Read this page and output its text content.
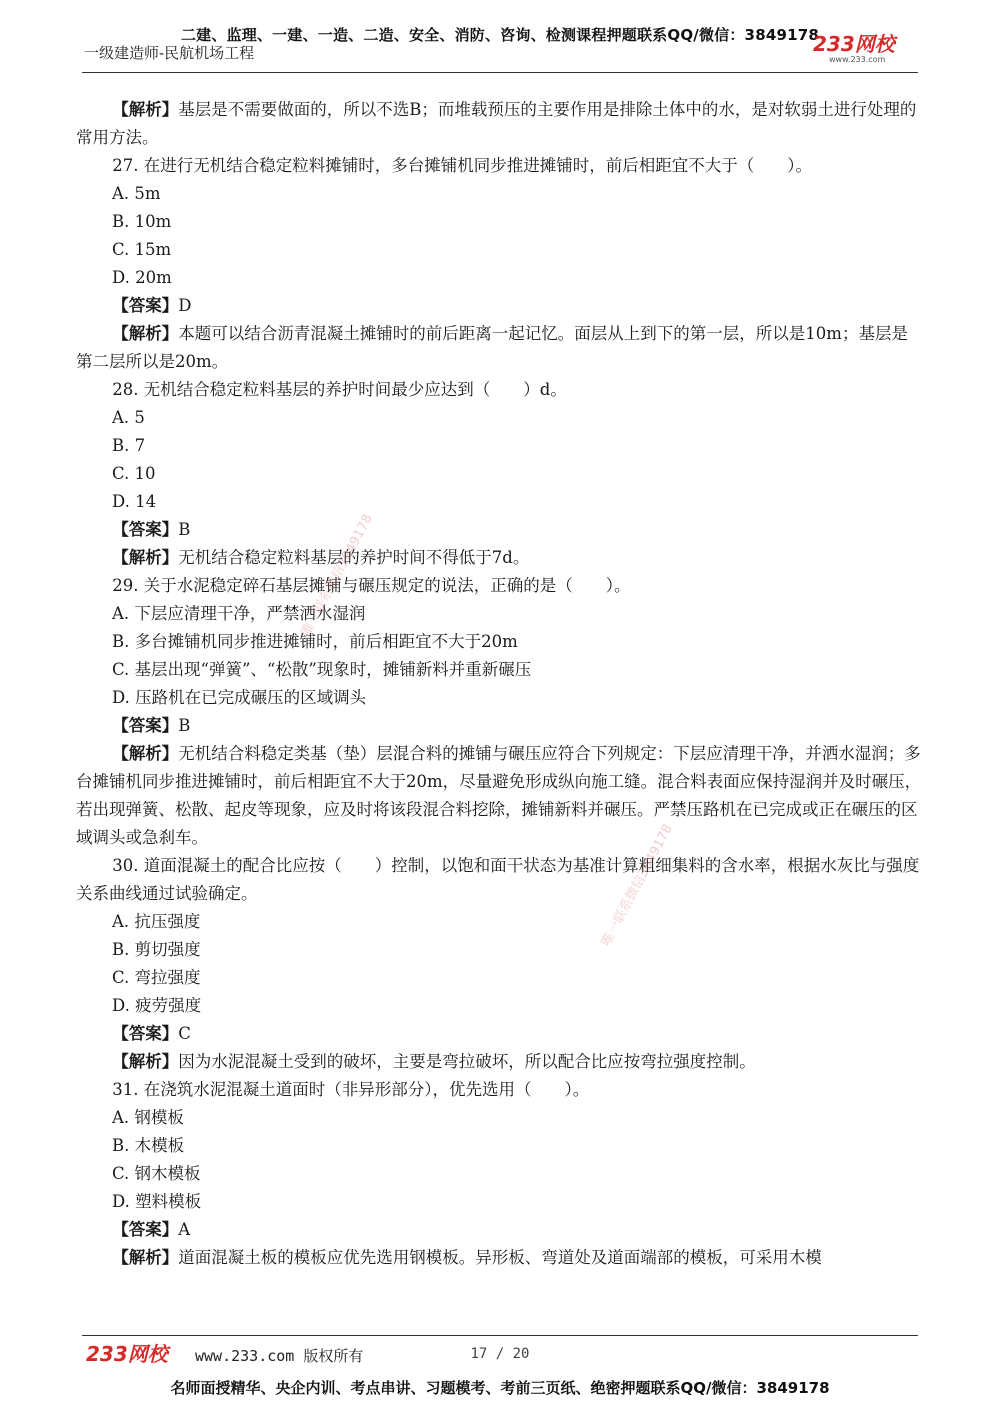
二建、监理、一建、一造、二造、安全、消防、咨询、检测课程押题联系QQ/微信：3849178
一级建造师-民航机场工程	233网校
www.233.com

【解析】基层是不需要做面的，所以不选B；而堆载预压的主要作用是排除土体中的水，是对软弱土进行处理的常用方法。

27. 在进行无机结合稳定粒料摊铺时，多台摊铺机同步推进摊铺时，前后相距宜不大于（　　）。

A. 5m

B. 10m

C. 15m

D. 20m

【答案】D

【解析】本题可以结合沥青混凝土摊铺时的前后距离一起记忆。面层从上到下的第一层，所以是10m；基层是第二层所以是20m。

28. 无机结合稳定粒料基层的养护时间最少应达到（　　）d。

A. 5

B. 7

C. 10

D. 14

【答案】B

【解析】无机结合稳定粒料基层的养护时间不得低于7d。

29. 关于水泥稳定碎石基层摊铺与碾压规定的说法，正确的是（　　）。

A. 下层应清理干净，严禁洒水湿润

B. 多台摊铺机同步推进摊铺时，前后相距宜不大于20m

C. 基层出现“弹簧”、“松散”现象时，摊铺新料并重新碾压

D. 压路机在已完成碾压的区域调头

【答案】B

【解析】无机结合料稳定类基（垫）层混合料的摊铺与碾压应符合下列规定：下层应清理干净，并洒水湿润；多台摊铺机同步推进摊铺时，前后相距宜不大于20m，尽量避免形成纵向施工缝。混合料表面应保持湿润并及时碾压，若出现弹簧、松散、起皮等现象，应及时将该段混合料挖除，摊铺新料并碾压。严禁压路机在已完成或正在碾压的区域调头或急刹车。

30. 道面混凝土的配合比应按（　　）控制，以饱和面干状态为基准计算粗细集料的含水率，根据水灰比与强度关系曲线通过试验确定。

A. 抗压强度

B. 剪切强度

C. 弯拉强度

D. 疲劳强度

【答案】C

【解析】因为水泥混凝土受到的破坏，主要是弯拉破坏，所以配合比应按弯拉强度控制。

31. 在浇筑水泥混凝土道面时（非异形部分），优先选用（　　）。

A. 钢模板

B. 木模板

C. 钢木模板

D. 塑料模板

【答案】A

【解析】道面混凝土板的模板应优先选用钢模板。异形板、弯道处及道面端部的模板，可采用木模

唯一联系微信3849178
唯一联系微信3849178
233网校 www.233.com 版权所有	17 / 20
名师面授精华、央企内训、考点串讲、习题模考、考前三页纸、绝密押题联系QQ/微信：3849178
